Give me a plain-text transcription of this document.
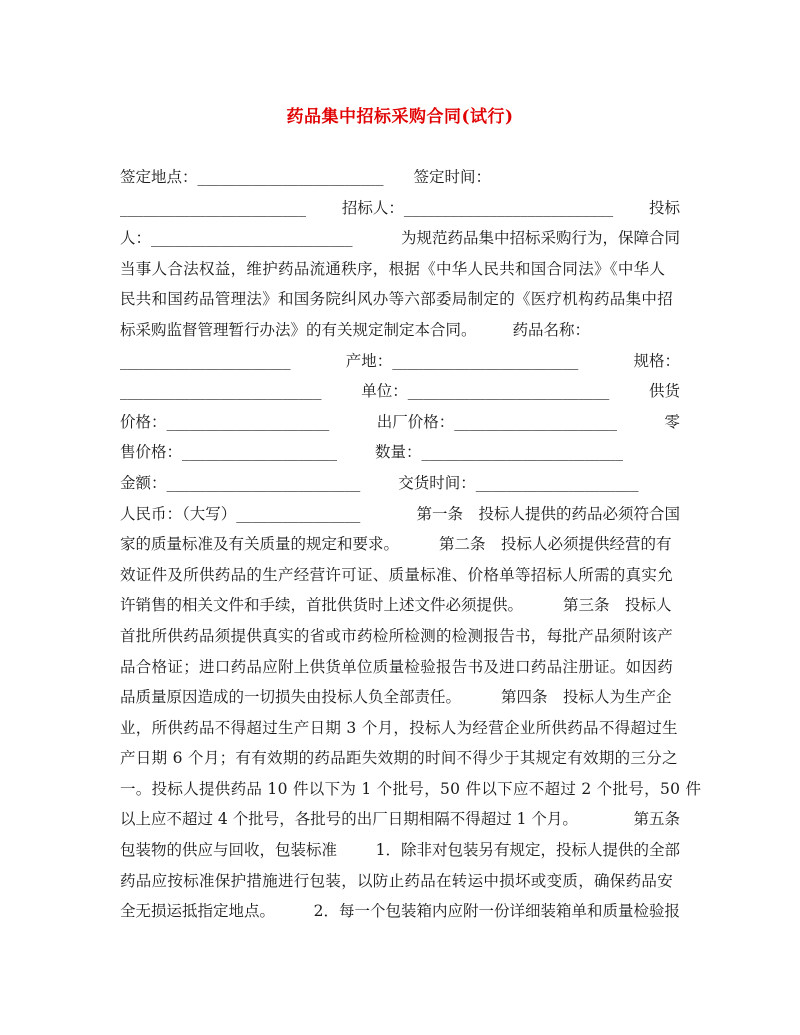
药品集中招标采购合同(试行)
签定地点：________________________ 签定时间：
________________________ 招标人：___________________________ 投标
人：__________________________	为规范药品集中招标采购行为，保障合同
当事人合法权益，维护药品流通秩序，根据《中华人民共和国合同法》《中华人
民共和国药品管理法》和国务院纠风办等六部委局制定的《医疗机构药品集中招
标采购监督管理暂行办法》的有关规定制定本合同。 药品名称：
______________________	产地：________________________	规格：
__________________________	单位：__________________________	供货
价格：_____________________	出厂价格：_____________________	零
售价格：____________________ 数量：__________________________
金额：_________________________ 交货时间：_____________________
人民币：（大写）________________	第一条　投标人提供的药品必须符合国
家的质量标准及有关质量的规定和要求。	第二条　投标人必须提供经营的有
效证件及所供药品的生产经营许可证、质量标准、价格单等招标人所需的真实允
许销售的相关文件和手续，首批供货时上述文件必须提供。	第三条　投标人
首批所供药品须提供真实的省或市药检所检测的检测报告书，每批产品须附该产
品合格证；进口药品应附上供货单位质量检验报告书及进口药品注册证。如因药
品质量原因造成的一切损失由投标人负全部责任。	第四条　投标人为生产企
业，所供药品不得超过生产日期 3 个月，投标人为经营企业所供药品不得超过生
产日期 6 个月；有有效期的药品距失效期的时间不得少于其规定有效期的三分之
一。投标人提供药品 10 件以下为 1 个批号，50 件以下应不超过 2 个批号，50 件
以上应不超过 4 个批号，各批号的出厂日期相隔不得超过 1 个月。	第五条
包装物的供应与回收，包装标准 1．除非对包装另有规定，投标人提供的全部
药品应按标准保护措施进行包装，以防止药品在转运中损坏或变质，确保药品安
全无损运抵指定地点。 2．每一个包装箱内应附一份详细装箱单和质量检验报
